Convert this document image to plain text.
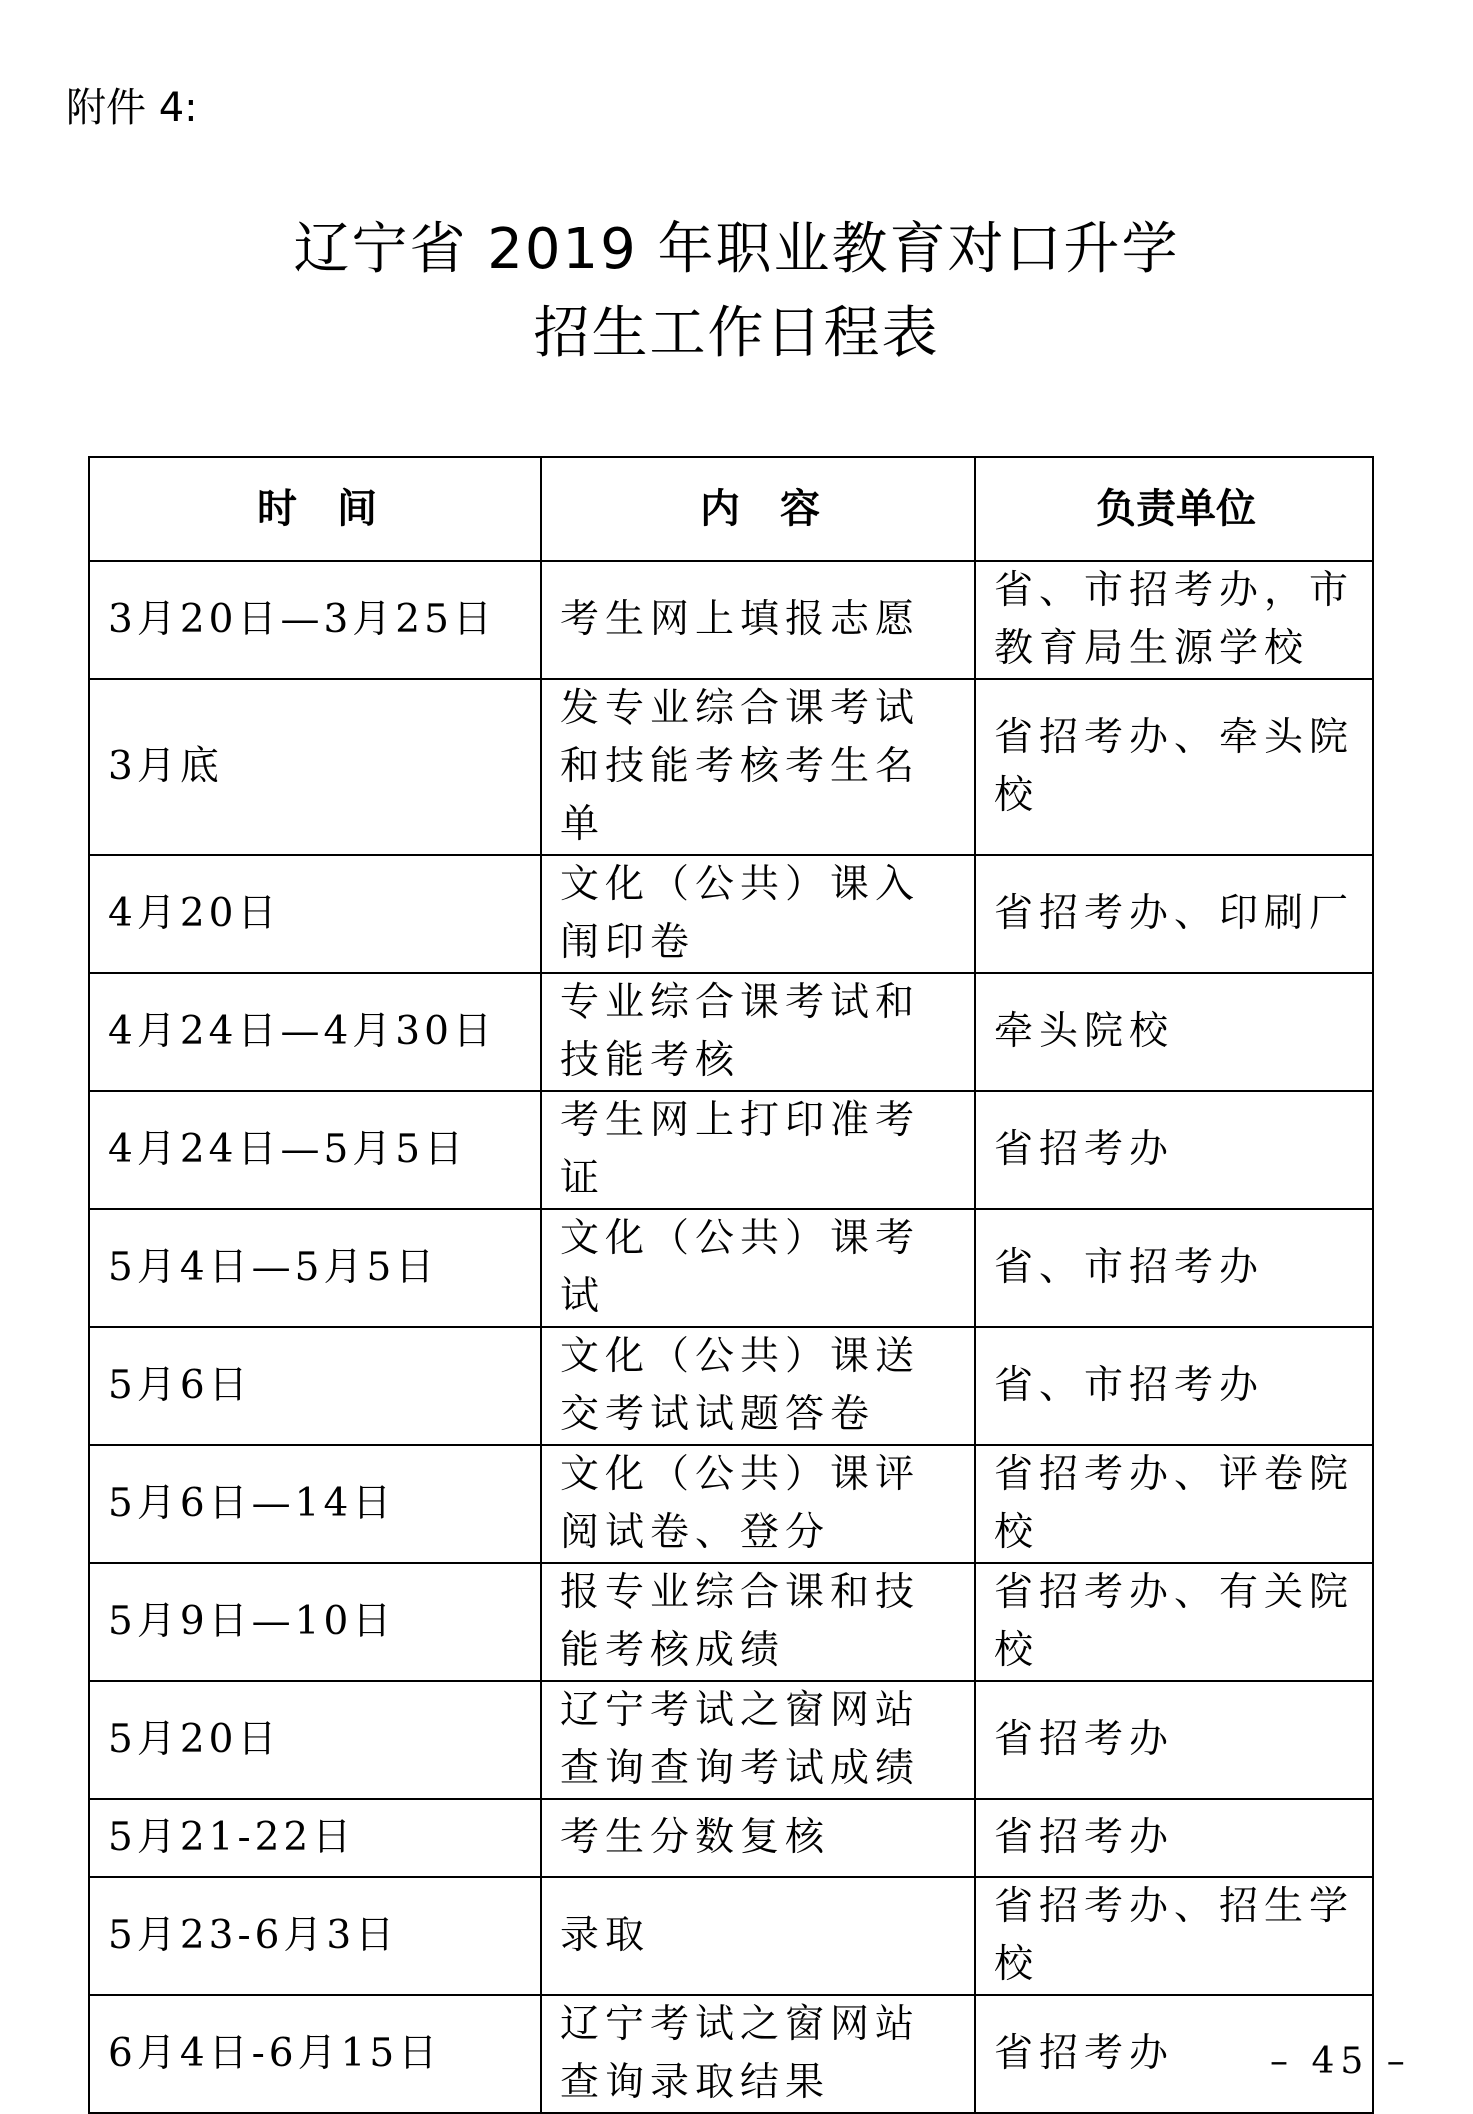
附件 4:
辽宁省 2019 年职业教育对口升学
招生工作日程表
时　间	内　容	负责单位
3月20日—3月25日	考生网上填报志愿	省、市招考办，市教育局生源学校
3月底	发专业综合课考试和技能考核考生名单	省招考办、牵头院校
4月20日	文化（公共）课入闱印卷	省招考办、印刷厂
4月24日—4月30日	专业综合课考试和技能考核	牵头院校
4月24日—5月5日	考生网上打印准考证	省招考办
5月4日—5月5日	文化（公共）课考试	省、市招考办
5月6日	文化（公共）课送交考试试题答卷	省、市招考办
5月6日—14日	文化（公共）课评阅试卷、登分	省招考办、评卷院校
5月9日—10日	报专业综合课和技能考核成绩	省招考办、有关院校
5月20日	辽宁考试之窗网站查询查询考试成绩	省招考办
5月21-22日	考生分数复核	省招考办
5月23-6月3日	录取	省招考办、招生学校
6月4日-6月15日	辽宁考试之窗网站查询录取结果	省招考办	– 45 –
